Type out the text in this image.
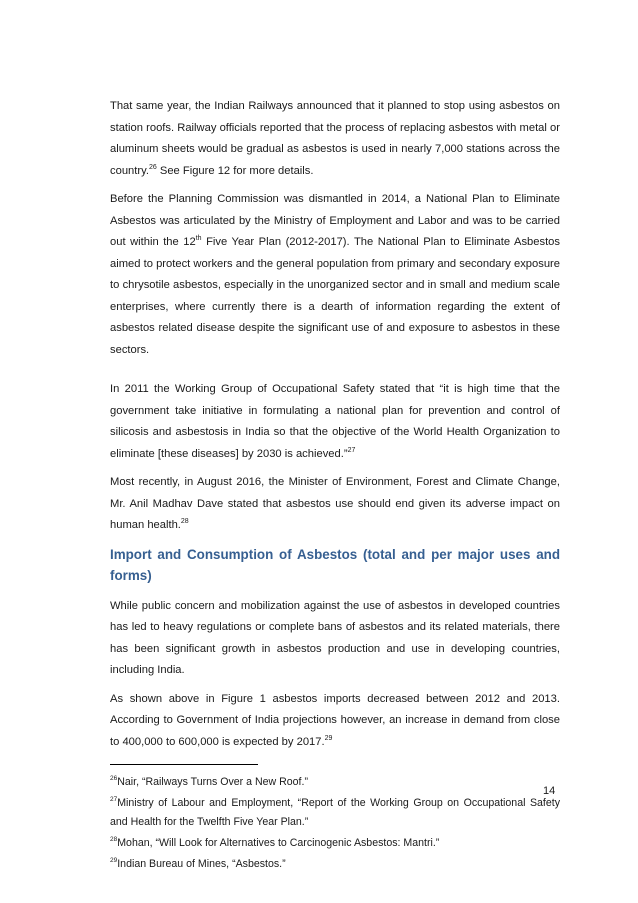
That same year, the Indian Railways announced that it planned to stop using asbestos on station roofs. Railway officials reported that the process of replacing asbestos with metal or aluminum sheets would be gradual as asbestos is used in nearly 7,000 stations across the country.$^{26}$ See Figure 12 for more details.

Before the Planning Commission was dismantled in 2014, a National Plan to Eliminate Asbestos was articulated by the Ministry of Employment and Labor and was to be carried out within the 12th Five Year Plan (2012-2017). The National Plan to Eliminate Asbestos aimed to protect workers and the general population from primary and secondary exposure to chrysotile asbestos, especially in the unorganized sector and in small and medium scale enterprises, where currently there is a dearth of information regarding the extent of asbestos related disease despite the significant use of and exposure to asbestos in these sectors.

In 2011 the Working Group of Occupational Safety stated that “it is high time that the government take initiative in formulating a national plan for prevention and control of silicosis and asbestosis in India so that the objective of the World Health Organization to eliminate [these diseases] by 2030 is achieved.”$^{27}$

Most recently, in August 2016, the Minister of Environment, Forest and Climate Change, Mr. Anil Madhav Dave stated that asbestos use should end given its adverse impact on human health.$^{28}$

Import and Consumption of Asbestos (total and per major uses and forms)

While public concern and mobilization against the use of asbestos in developed countries has led to heavy regulations or complete bans of asbestos and its related materials, there has been significant growth in asbestos production and use in developing countries, including India.

As shown above in Figure 1 asbestos imports decreased between 2012 and 2013. According to Government of India projections however, an increase in demand from close to 400,000 to 600,000 is expected by 2017.29

$^{26}$Nair, “Railways Turns Over a New Roof.”
$^{27}$Ministry of Labour and Employment, “Report of the Working Group on Occupational Safety and Health for the Twelfth Five Year Plan.”
$^{28}$Mohan, “Will Look for Alternatives to Carcinogenic Asbestos: Mantri.”
$^{29}$Indian Bureau of Mines, “Asbestos.”
14
